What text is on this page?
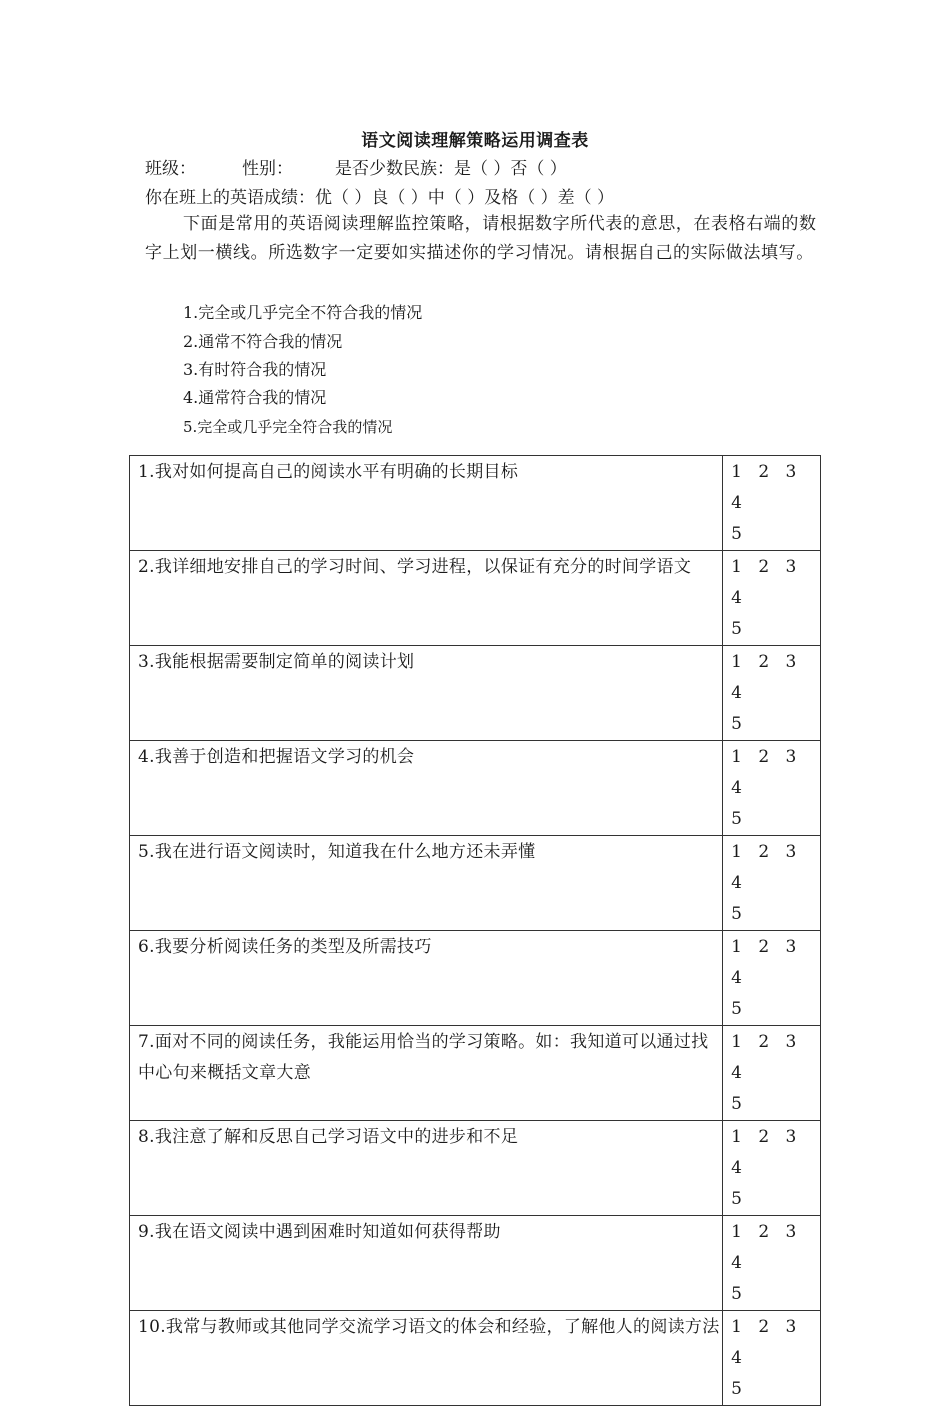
语文阅读理解策略运用调查表
班级：	性别： 是否少数民族：是（ ）否（ ）
你在班上的英语成绩：优（ ）良（ ）中（ ）及格（ ）差（ ）
下面是常用的英语阅读理解监控策略，请根据数字所代表的意思，在表格右端的数字上划一横线。所选数字一定要如实描述你的学习情况。请根据自己的实际做法填写。
1.完全或几乎完全不符合我的情况
2.通常不符合我的情况
3.有时符合我的情况
4.通常符合我的情况
5.完全或几乎完全符合我的情况
1.我对如何提高自己的阅读水平有明确的长期目标	1 2 3 4
5

2.我详细地安排自己的学习时间、学习进程，以保证有充分的时间学语文	1 2 3 4
5

3.我能根据需要制定简单的阅读计划	1 2 3 4
5

4.我善于创造和把握语文学习的机会	1 2 3 4
5

5.我在进行语文阅读时，知道我在什么地方还未弄懂	1 2 3 4
5

6.我要分析阅读任务的类型及所需技巧	1 2 3 4
5

7.面对不同的阅读任务，我能运用恰当的学习策略。如：我知道可以通过找中心句来概括文章大意	1 2 3 4
5

8.我注意了解和反思自己学习语文中的进步和不足	1 2 3 4
5

9.我在语文阅读中遇到困难时知道如何获得帮助	1 2 3 4
5

10.我常与教师或其他同学交流学习语文的体会和经验，了解他人的阅读方法	1 2 3 4
5
